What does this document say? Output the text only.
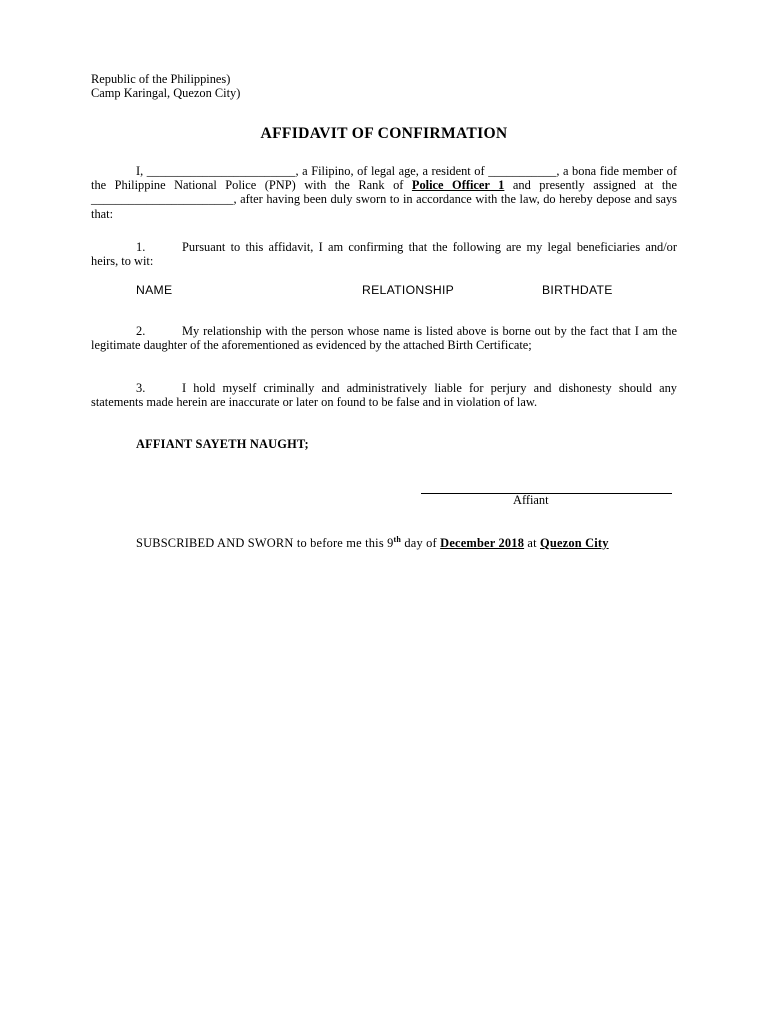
Republic of the Philippines)
Camp Karingal, Quezon City)
AFFIDAVIT OF CONFIRMATION
I, ________________________, a Filipino, of legal age, a resident of ___________, a bona fide member of the Philippine National Police (PNP) with the Rank of Police Officer 1 and presently assigned at the _______________________, after having been duly sworn to in accordance with the law, do hereby depose and says that:
1.	Pursuant to this affidavit, I am confirming that the following are my legal beneficiaries and/or heirs, to wit:
NAME	RELATIONSHIP	BIRTHDATE
2.	My relationship with the person whose name is listed above is borne out by the fact that I am the legitimate daughter of the aforementioned as evidenced by the attached Birth Certificate;
3.	I hold myself criminally and administratively liable for perjury and dishonesty should any statements made herein are inaccurate or later on found to be false and in violation of law.
AFFIANT SAYETH NAUGHT;
Affiant
SUBSCRIBED AND SWORN to before me this 9th day of December 2018 at Quezon City
